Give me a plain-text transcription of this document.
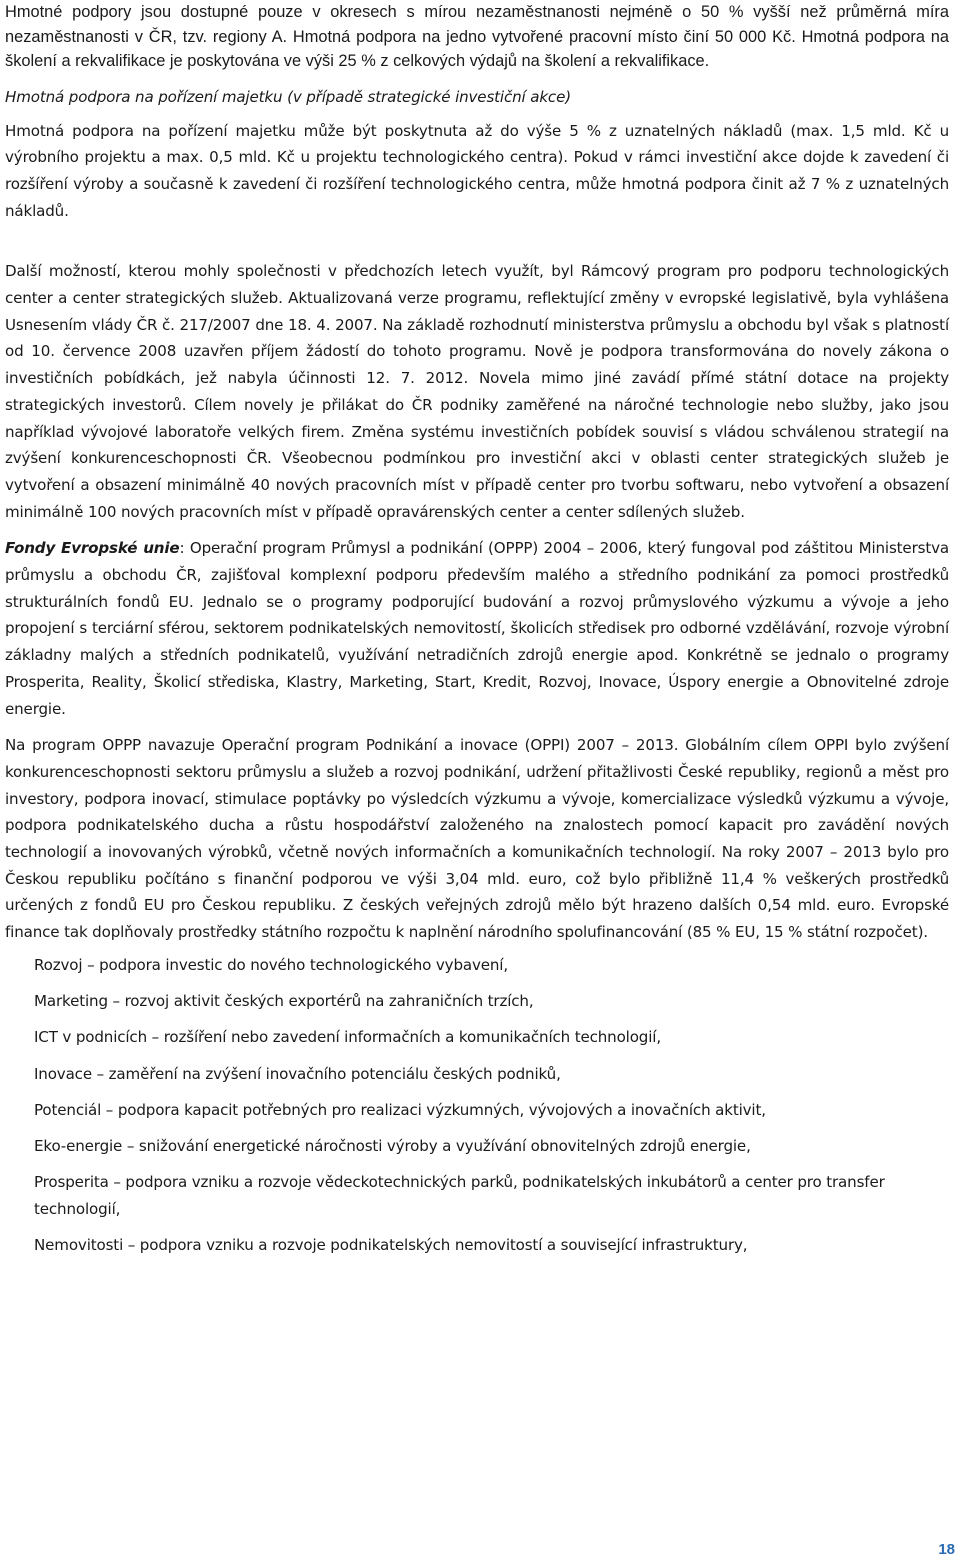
Hmotné podpory jsou dostupné pouze v okresech s mírou nezaměstnanosti nejméně o 50 % vyšší než průměrná míra nezaměstnanosti v ČR, tzv. regiony A. Hmotná podpora na jedno vytvořené pracovní místo činí 50 000 Kč. Hmotná podpora na školení a rekvalifikace je poskytována ve výši 25 % z celkových výdajů na školení a rekvalifikace.

Hmotná podpora na pořízení majetku (v případě strategické investiční akce)

Hmotná podpora na pořízení majetku může být poskytnuta až do výše 5 % z uznatelných nákladů (max. 1,5 mld. Kč u výrobního projektu a max. 0,5 mld. Kč u projektu technologického centra). Pokud v rámci investiční akce dojde k zavedení či rozšíření výroby a současně k zavedení či rozšíření technologického centra, může hmotná podpora činit až 7 % z uznatelných nákladů.

Další možností, kterou mohly společnosti v předchozích letech využít, byl Rámcový program pro podporu technologických center a center strategických služeb. Aktualizovaná verze programu, reflektující změny v evropské legislativě, byla vyhlášena Usnesením vlády ČR č. 217/2007 dne 18. 4. 2007. Na základě rozhodnutí ministerstva průmyslu a obchodu byl však s platností od 10. července 2008 uzavřen příjem žádostí do tohoto programu. Nově je podpora transformována do novely zákona o investičních pobídkách, jež nabyla účinnosti 12. 7. 2012. Novela mimo jiné zavádí přímé státní dotace na projekty strategických investorů. Cílem novely je přilákat do ČR podniky zaměřené na náročné technologie nebo služby, jako jsou například vývojové laboratoře velkých firem. Změna systému investičních pobídek souvisí s vládou schválenou strategií na zvýšení konkurenceschopnosti ČR. Všeobecnou podmínkou pro investiční akci v oblasti center strategických služeb je vytvoření a obsazení minimálně 40 nových pracovních míst v případě center pro tvorbu softwaru, nebo vytvoření a obsazení minimálně 100 nových pracovních míst v případě opravárenských center a center sdílených služeb.

Fondy Evropské unie: Operační program Průmysl a podnikání (OPPP) 2004 – 2006, který fungoval pod záštitou Ministerstva průmyslu a obchodu ČR, zajišťoval komplexní podporu především malého a středního podnikání za pomoci prostředků strukturálních fondů EU. Jednalo se o programy podporující budování a rozvoj průmyslového výzkumu a vývoje a jeho propojení s terciární sférou, sektorem podnikatelských nemovitostí, školicích středisek pro odborné vzdělávání, rozvoje výrobní základny malých a středních podnikatelů, využívání netradičních zdrojů energie apod. Konkrétně se jednalo o programy Prosperita, Reality, Školicí střediska, Klastry, Marketing, Start, Kredit, Rozvoj, Inovace, Úspory energie a Obnovitelné zdroje energie.

Na program OPPP navazuje Operační program Podnikání a inovace (OPPI) 2007 – 2013. Globálním cílem OPPI bylo zvýšení konkurenceschopnosti sektoru průmyslu a služeb a rozvoj podnikání, udržení přitažlivosti České republiky, regionů a měst pro investory, podpora inovací, stimulace poptávky po výsledcích výzkumu a vývoje, komercializace výsledků výzkumu a vývoje, podpora podnikatelského ducha a růstu hospodářství založeného na znalostech pomocí kapacit pro zavádění nových technologií a inovovaných výrobků, včetně nových informačních a komunikačních technologií. Na roky 2007 – 2013 bylo pro Českou republiku počítáno s finanční podporou ve výši 3,04 mld. euro, což bylo přibližně 11,4 % veškerých prostředků určených z fondů EU pro Českou republiku. Z českých veřejných zdrojů mělo být hrazeno dalších 0,54 mld. euro. Evropské finance tak doplňovaly prostředky státního rozpočtu k naplnění národního spolufinancování (85 % EU, 15 % státní rozpočet).

Rozvoj – podpora investic do nového technologického vybavení,
Marketing – rozvoj aktivit českých exportérů na zahraničních trzích,
ICT v podnicích – rozšíření nebo zavedení informačních a komunikačních technologií,
Inovace – zaměření na zvýšení inovačního potenciálu českých podniků,
Potenciál – podpora kapacit potřebných pro realizaci výzkumných, vývojových a inovačních aktivit,
Eko-energie – snižování energetické náročnosti výroby a využívání obnovitelných zdrojů energie,
Prosperita – podpora vzniku a rozvoje vědeckotechnických parků, podnikatelských inkubátorů a center pro transfer technologií,
Nemovitosti – podpora vzniku a rozvoje podnikatelských nemovitostí a související infrastruktury,
18
